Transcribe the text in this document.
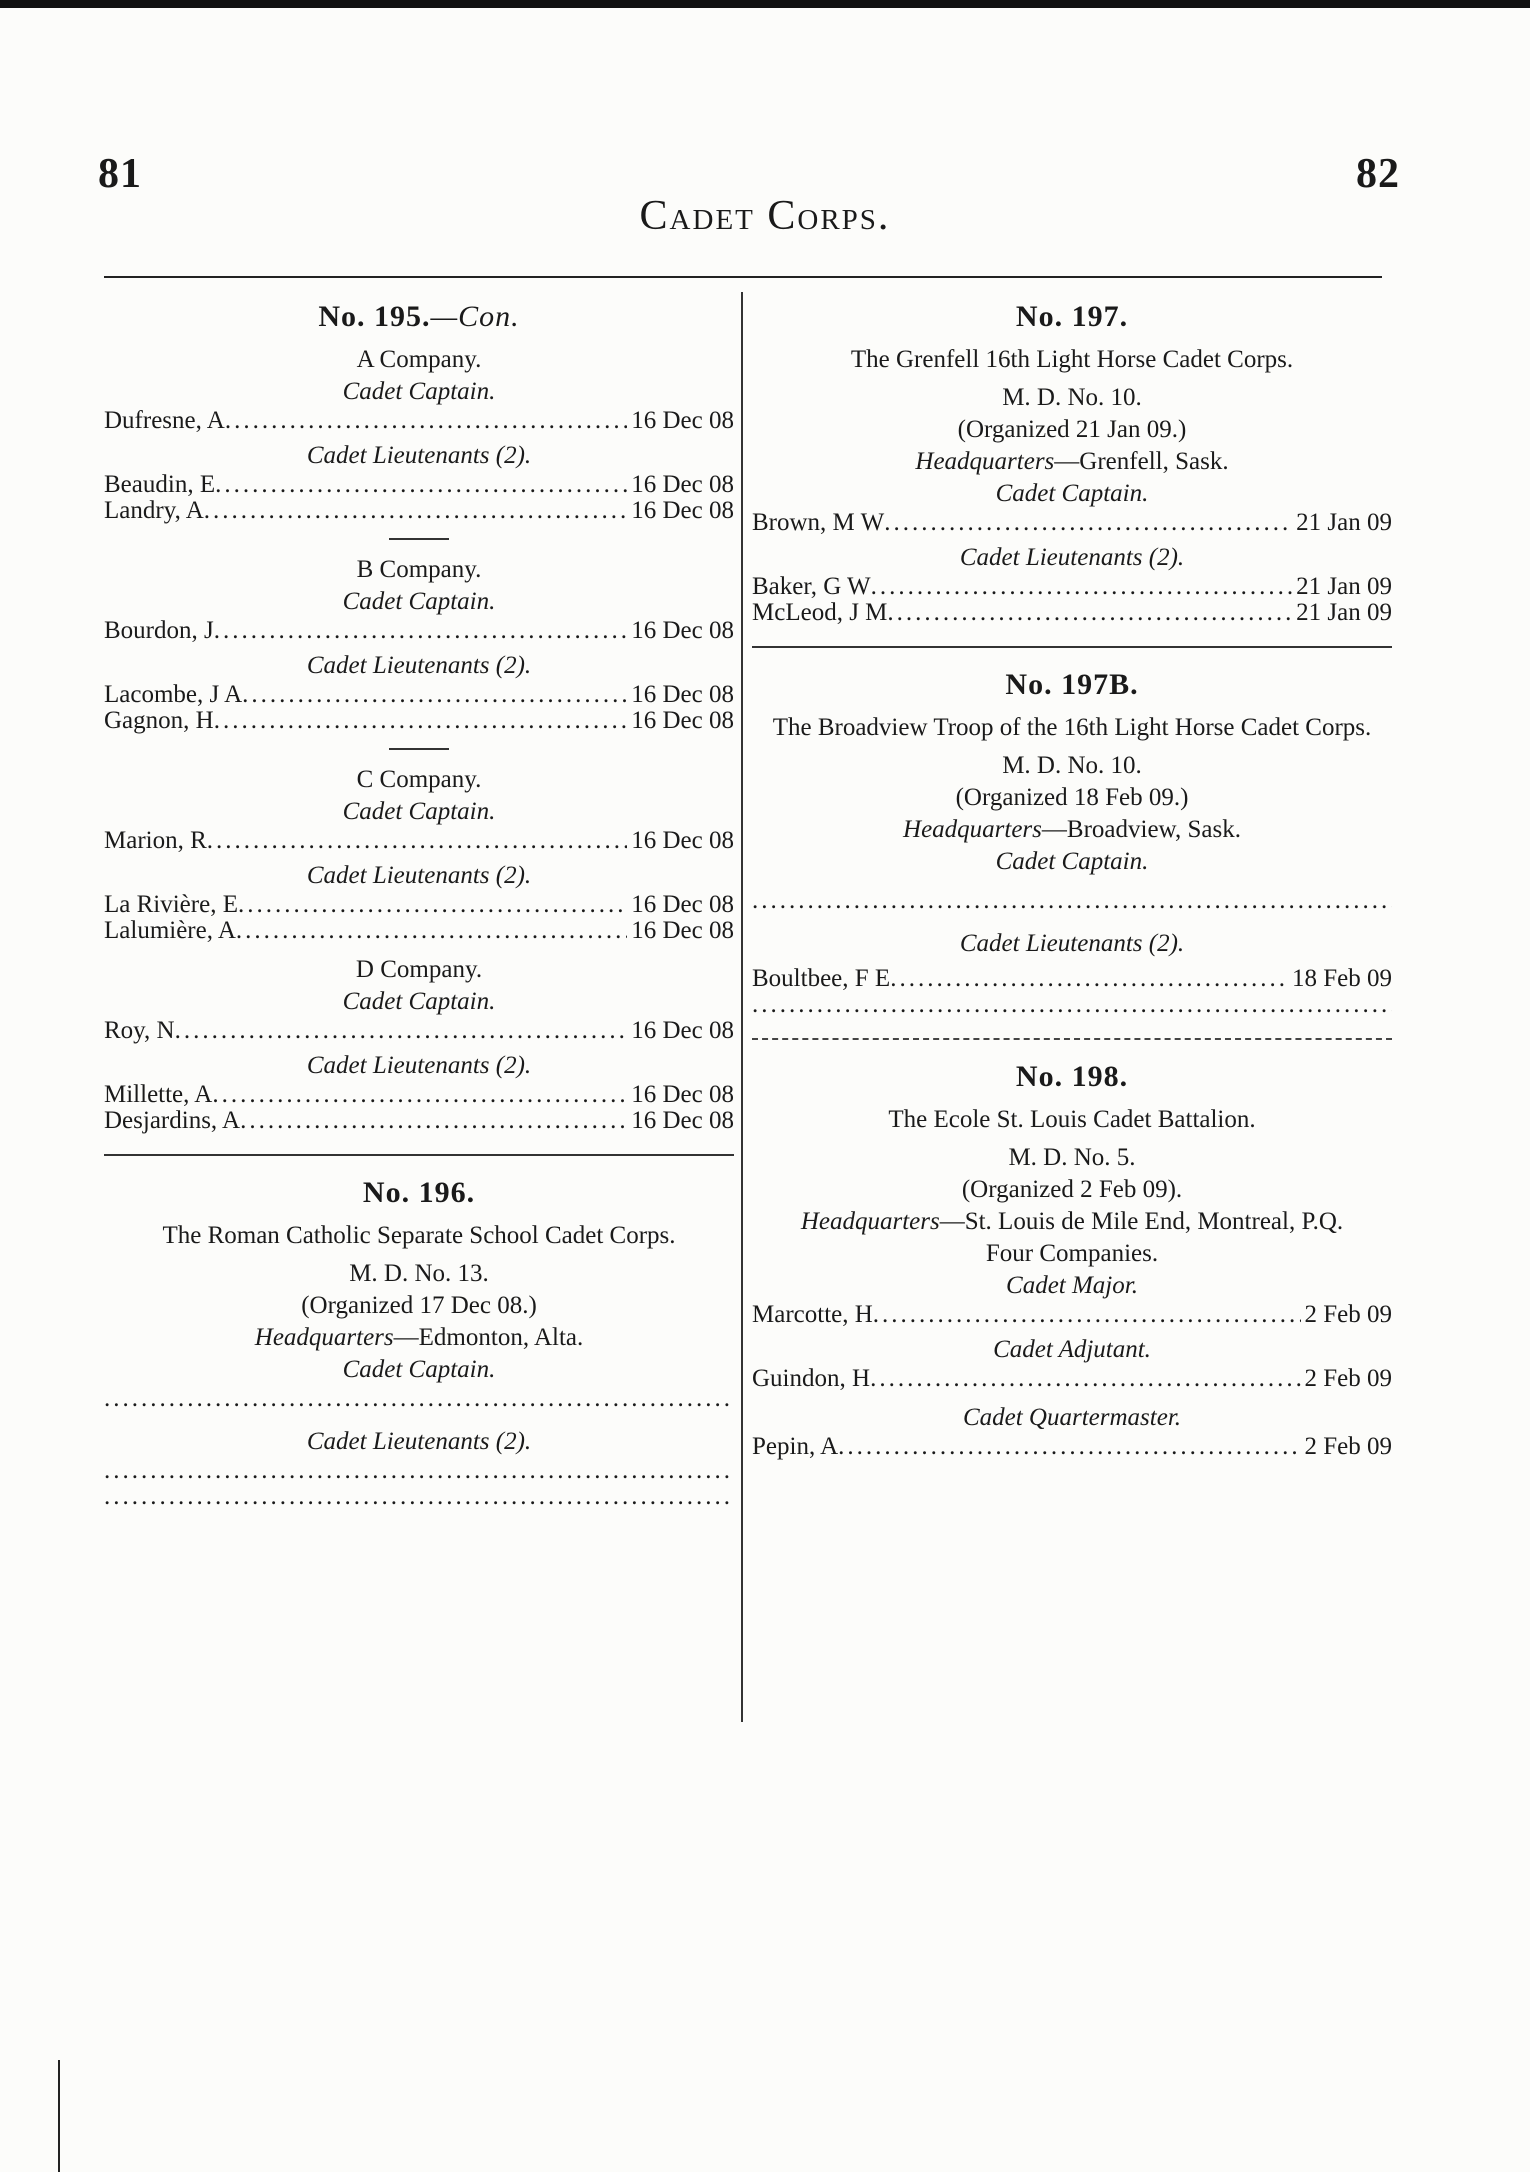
81	82
Cadet Corps.
No. 195.—Con.
A Company.
Cadet Captain.
Dufresne, A .....	16 Dec 08
Cadet Lieutenants (2).
Beaudin, E .....	16 Dec 08
Landry, A .....	16 Dec 08
B Company.
Cadet Captain.
Bourdon, J .....	16 Dec 08
Cadet Lieutenants (2).
Lacombe, J A .....	16 Dec 08
Gagnon, H .....	16 Dec 08
C Company.
Cadet Captain.
Marion, R .....	16 Dec 08
Cadet Lieutenants (2).
La Rivière, E .....	16 Dec 08
Lalumière, A .....	16 Dec 08
D Company.
Cadet Captain.
Roy, N .....	16 Dec 08
Cadet Lieutenants (2).
Millette, A .....	16 Dec 08
Desjardins, A .....	16 Dec 08
No. 196.
The Roman Catholic Separate School Cadet Corps.
M. D. No. 13.
(Organized 17 Dec 08.)
Headquarters—Edmonton, Alta.
Cadet Captain.
.....
Cadet Lieutenants (2).
.....
.....
No. 197.
The Grenfell 16th Light Horse Cadet Corps.
M. D. No. 10.
(Organized 21 Jan 09.)
Headquarters—Grenfell, Sask.
Cadet Captain.
Brown, M W .....	21 Jan 09
Cadet Lieutenants (2).
Baker, G W .....	21 Jan 09
McLeod, J M .....	21 Jan 09
No. 197B.
The Broadview Troop of the 16th Light Horse Cadet Corps.
M. D. No. 10.
(Organized 18 Feb 09.)
Headquarters—Broadview, Sask.
Cadet Captain.
.....
Cadet Lieutenants (2).
Boultbee, F E .....	18 Feb 09
.....
No. 198.
The Ecole St. Louis Cadet Battalion.
M. D. No. 5.
(Organized 2 Feb 09).
Headquarters—St. Louis de Mile End, Montreal, P.Q.
Four Companies.
Cadet Major.
Marcotte, H .....	2 Feb 09
Cadet Adjutant.
Guindon, H .....	2 Feb 09
Cadet Quartermaster.
Pepin, A .....	2 Feb 09
